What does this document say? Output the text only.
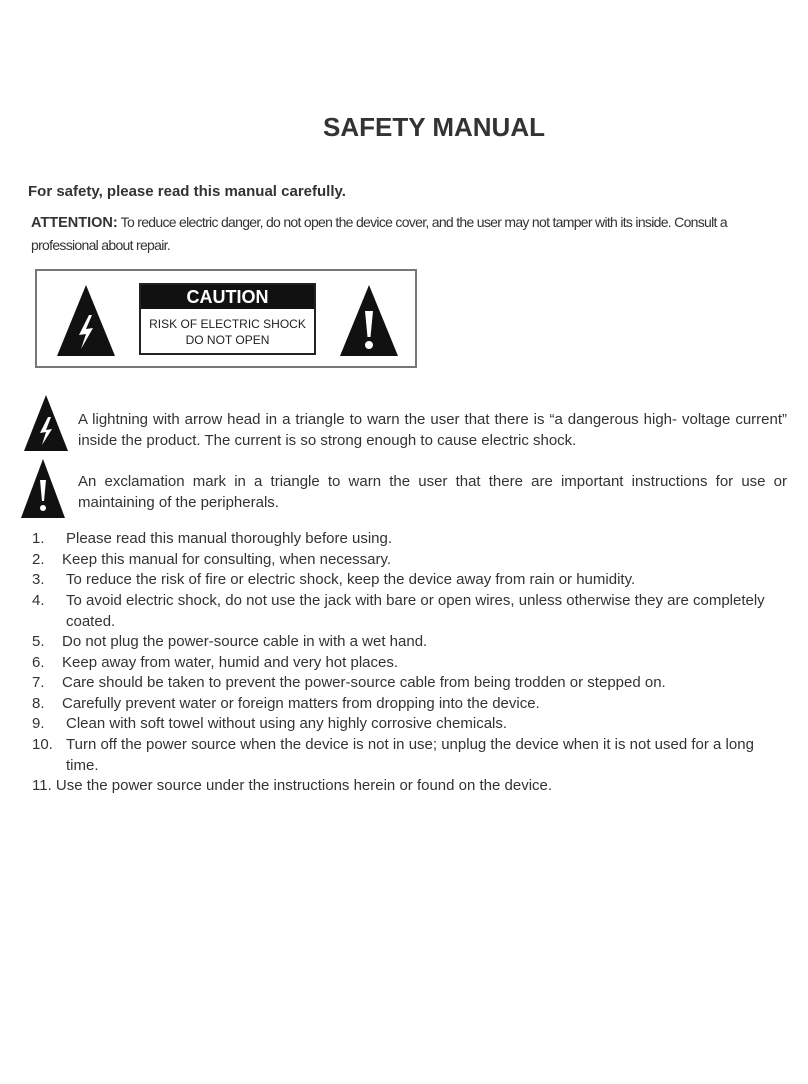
SAFETY MANUAL
For safety, please read this manual carefully.
ATTENTION: To reduce electric danger, do not open the device cover, and the user may not tamper with its inside. Consult a professional about repair.
CAUTION
RISK OF ELECTRIC SHOCK
DO NOT OPEN
A lightning with arrow head in a triangle to warn the user that there is “a dangerous high- voltage current” inside the product. The current is so strong enough to cause electric shock.
An exclamation mark in a triangle to warn the user that there are important instructions for use or maintaining of the peripherals.
1. Please read this manual thoroughly before using.
2. Keep this manual for consulting, when necessary.
3. To reduce the risk of fire or electric shock, keep the device away from rain or humidity.
4. To avoid electric shock, do not use the jack with bare or open wires, unless otherwise they are completely coated.
5. Do not plug the power-source cable in with a wet hand.
6. Keep away from water, humid and very hot places.
7. Care should be taken to prevent the power-source cable from being trodden or stepped on.
8. Carefully prevent water or foreign matters from dropping into the device.
9. Clean with soft towel without using any highly corrosive chemicals.
10. Turn off the power source when the device is not in use; unplug the device when it is not used for a long time.
11. Use the power source under the instructions herein or found on the device.
